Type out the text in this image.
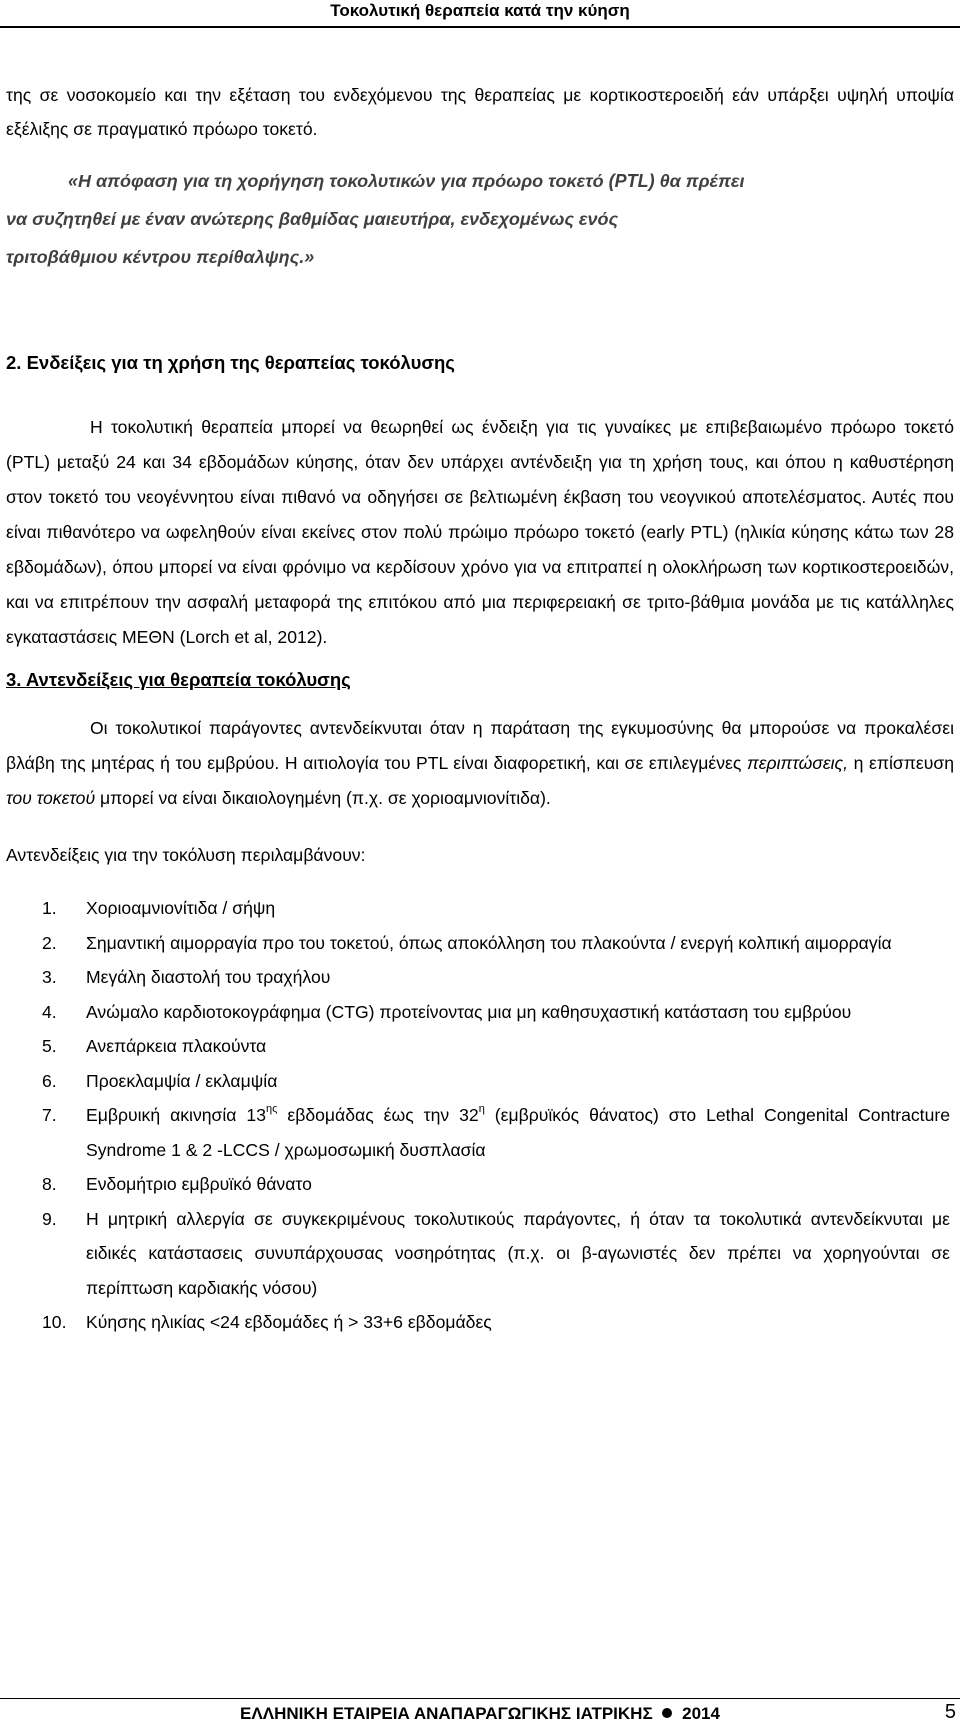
Τοκολυτική θεραπεία κατά την κύηση

της σε νοσοκομείο και την εξέταση του ενδεχόμενου της θεραπείας με κορτικοστεροειδή εάν υπάρξει υψηλή υποψία εξέλιξης σε πραγματικό πρόωρο τοκετό.

«Η απόφαση για τη χορήγηση τοκολυτικών για πρόωρο τοκετό (PTL) θα πρέπει
να συζητηθεί με έναν ανώτερης βαθμίδας μαιευτήρα, ενδεχομένως ενός
τριτοβάθμιου κέντρου περίθαλψης.»
2. Ενδείξεις για τη χρήση της θεραπείας τοκόλυσης

Η τοκολυτική θεραπεία μπορεί να θεωρηθεί ως ένδειξη για τις γυναίκες με επιβεβαιωμένο πρόωρο τοκετό (PTL) μεταξύ 24 και 34 εβδομάδων κύησης, όταν δεν υπάρχει αντένδειξη για τη χρήση τους, και όπου η καθυστέρηση στον τοκετό του νεογέννητου είναι πιθανό να οδηγήσει σε βελτιωμένη έκβαση του νεογνικού αποτελέσματος. Αυτές που είναι πιθανότερο να ωφεληθούν είναι εκείνες στον πολύ πρώιμο πρόωρο τοκετό (early PTL) (ηλικία κύησης κάτω των 28 εβδομάδων), όπου μπορεί να είναι φρόνιμο να κερδίσουν χρόνο για να επιτραπεί η ολοκλήρωση των κορτικοστεροειδών, και να επιτρέπουν την ασφαλή μεταφορά της επιτόκου από μια περιφερειακή σε τριτο-βάθμια μονάδα με τις κατάλληλες εγκαταστάσεις ΜΕΘΝ (Lorch et al, 2012).

3. Αντενδείξεις για θεραπεία τοκόλυσης

Οι τοκολυτικοί παράγοντες αντενδείκνυται όταν η παράταση της εγκυμοσύνης θα μπορούσε να προκαλέσει βλάβη της μητέρας ή του εμβρύου. Η αιτιολογία του PTL είναι διαφορετική, και σε επιλεγμένες περιπτώσεις, η επίσπευση του τοκετού μπορεί να είναι δικαιολογημένη (π.χ. σε χοριοαμνιονίτιδα).

Αντενδείξεις για την τοκόλυση περιλαμβάνουν:

1. Χοριοαμνιονίτιδα / σήψη
2. Σημαντική αιμορραγία προ του τοκετού, όπως αποκόλληση του πλακούντα / ενεργή κολπική αιμορραγία
3. Μεγάλη διαστολή του τραχήλου
4. Ανώμαλο καρδιοτοκογράφημα (CTG) προτείνοντας μια μη καθησυχαστική κατάσταση του εμβρύου
5. Ανεπάρκεια πλακούντα
6. Προεκλαμψία / εκλαμψία
7. Εμβρυική ακινησία $13^{\eta\varsigma}$ εβδομάδας έως την $32^\eta$ (εμβρυϊκός θάνατος) στο Lethal Congenital Contracture Syndrome 1 & 2 -LCCS / χρωμοσωμική δυσπλασία
8. Ενδομήτριο εμβρυϊκό θάνατο
9. Η μητρική αλλεργία σε συγκεκριμένους τοκολυτικούς παράγοντες, ή όταν τα τοκολυτικά αντενδείκνυται με ειδικές κατάστασεις συνυπάρχουσας νοσηρότητας (π.χ. οι β-αγωνιστές δεν πρέπει να χορηγούνται σε περίπτωση καρδιακής νόσου)
10. Κύησης ηλικίας <24 εβδομάδες ή > 33+6 εβδομάδες
ΕΛΛΗΝΙΚΗ ΕΤΑΙΡΕΙΑ ΑΝΑΠΑΡΑΓΩΓΙΚΗΣ ΙΑΤΡΙΚΗΣ 2014	5
